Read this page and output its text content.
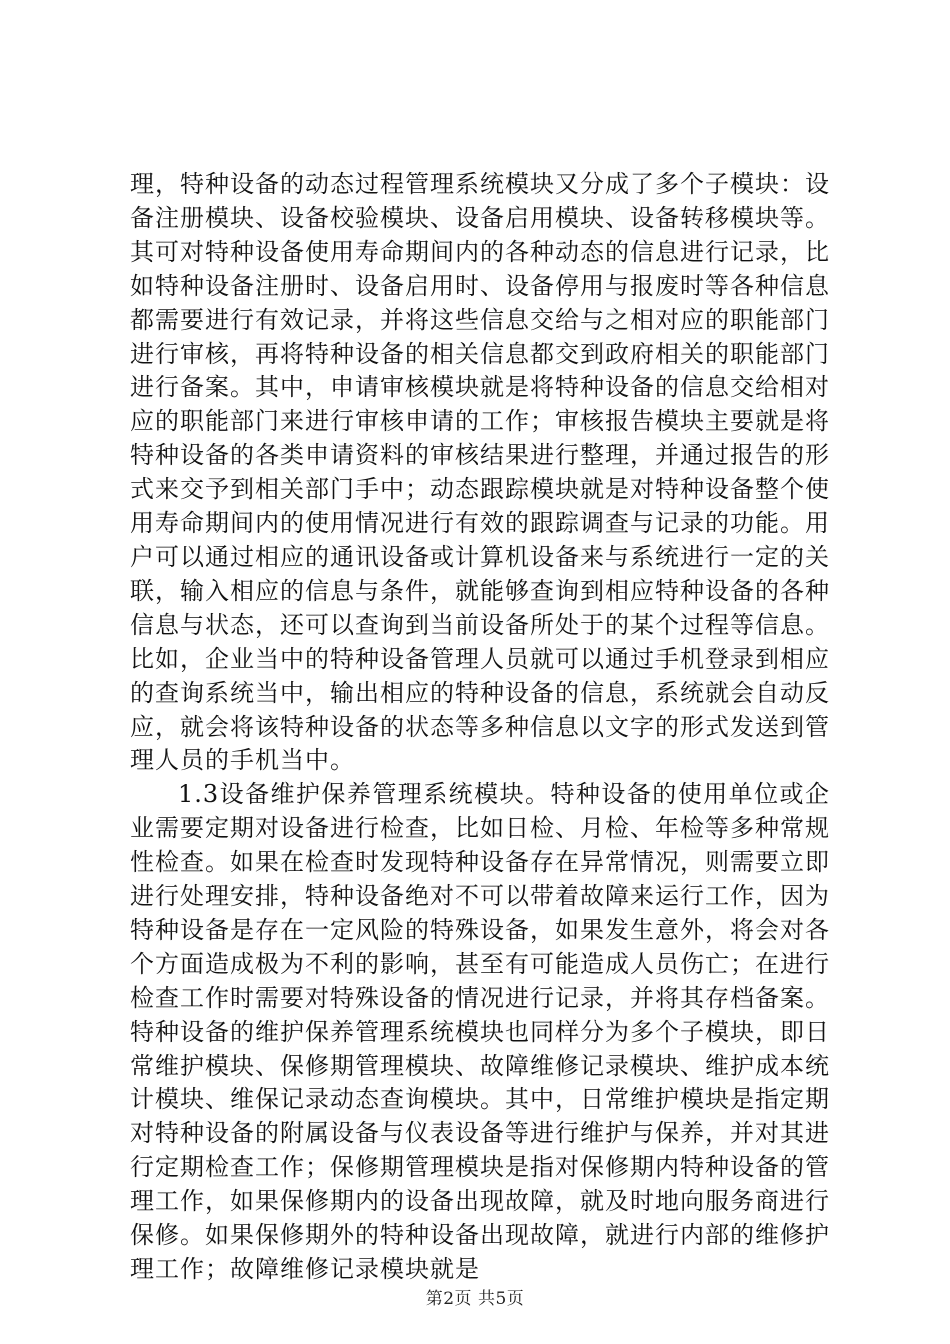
理，特种设备的动态过程管理系统模块又分成了多个子模块：设备注册模块、设备校验模块、设备启用模块、设备转移模块等。其可对特种设备使用寿命期间内的各种动态的信息进行记录，比如特种设备注册时、设备启用时、设备停用与报废时等各种信息都需要进行有效记录，并将这些信息交给与之相对应的职能部门进行审核，再将特种设备的相关信息都交到政府相关的职能部门进行备案。其中，申请审核模块就是将特种设备的信息交给相对应的职能部门来进行审核申请的工作；审核报告模块主要就是将特种设备的各类申请资料的审核结果进行整理，并通过报告的形式来交予到相关部门手中；动态跟踪模块就是对特种设备整个使用寿命期间内的使用情况进行有效的跟踪调查与记录的功能。用户可以通过相应的通讯设备或计算机设备来与系统进行一定的关联，输入相应的信息与条件，就能够查询到相应特种设备的各种信息与状态，还可以查询到当前设备所处于的某个过程等信息。比如，企业当中的特种设备管理人员就可以通过手机登录到相应的查询系统当中，输出相应的特种设备的信息，系统就会自动反应，就会将该特种设备的状态等多种信息以文字的形式发送到管理人员的手机当中。

1.3设备维护保养管理系统模块。特种设备的使用单位或企业需要定期对设备进行检查，比如日检、月检、年检等多种常规性检查。如果在检查时发现特种设备存在异常情况，则需要立即进行处理安排，特种设备绝对不可以带着故障来运行工作，因为特种设备是存在一定风险的特殊设备，如果发生意外，将会对各个方面造成极为不利的影响，甚至有可能造成人员伤亡；在进行检查工作时需要对特殊设备的情况进行记录，并将其存档备案。特种设备的维护保养管理系统模块也同样分为多个子模块，即日常维护模块、保修期管理模块、故障维修记录模块、维护成本统计模块、维保记录动态查询模块。其中，日常维护模块是指定期对特种设备的附属设备与仪表设备等进行维护与保养，并对其进行定期检查工作；保修期管理模块是指对保修期内特种设备的管理工作，如果保修期内的设备出现故障，就及时地向服务商进行保修。如果保修期外的特种设备出现故障，就进行内部的维修护理工作；故障维修记录模块就是

第2页 共5页
